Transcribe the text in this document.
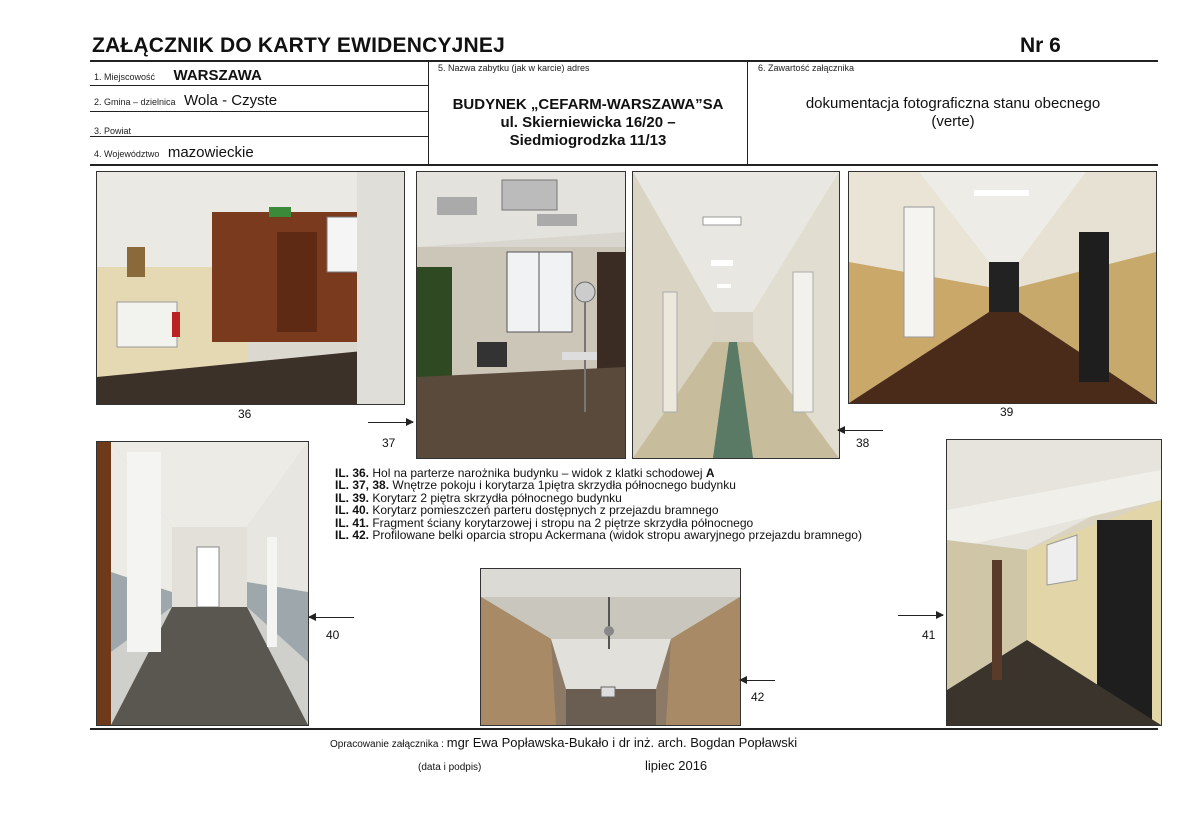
ZAŁĄCZNIK DO KARTY EWIDENCYJNEJ	Nr 6
1. Miejscowość WARSZAWA
2. Gmina – dzielnica Wola - Czyste
3. Powiat
4. Województwo mazowieckie
5. Nazwa zabytku (jak w karcie) adres
BUDYNEK „CEFARM-WARSZAWA”SA
ul. Skierniewicka 16/20 –
Siedmiogrodzka 11/13
6. Zawartość załącznika
dokumentacja fotograficzna stanu obecnego
(verte)
36
37	38
39
40
IL. 36. Hol na parterze narożnika budynku – widok z klatki schodowej A
IL. 37, 38. Wnętrze pokoju i korytarza 1piętra skrzydła północnego budynku
IL. 39. Korytarz 2 piętra skrzydła północnego budynku
IL. 40. Korytarz pomieszczeń parteru dostępnych z przejazdu bramnego
IL. 41. Fragment ściany korytarzowej i stropu na 2 piętrze skrzydła północnego
IL. 42. Profilowane belki oparcia stropu Ackermana (widok stropu awaryjnego przejazdu bramnego)
42
41
Opracowanie załącznika : mgr Ewa Popławska-Bukało i dr inż. arch. Bogdan Popławski
(data i podpis)	lipiec 2016
